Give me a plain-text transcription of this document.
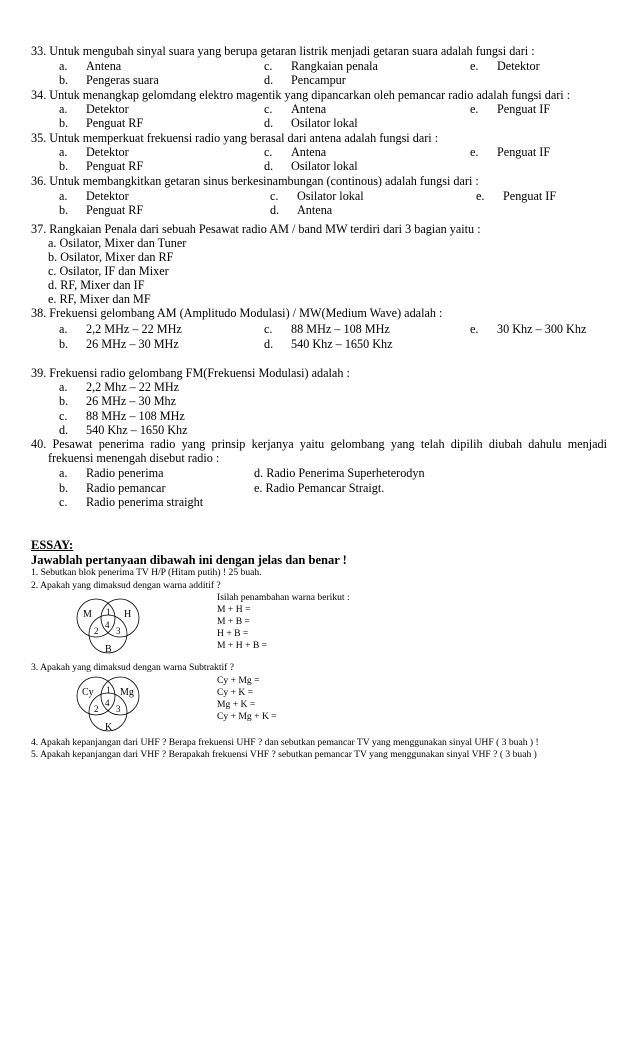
33. Untuk mengubah sinyal suara yang berupa getaran listrik menjadi getaran suara adalah fungsi dari :
a. Antena	c. Rangkaian penala	e. Detektor
b. Pengeras suara	d. Pencampur
34. Untuk menangkap gelomdang elektro magentik yang dipancarkan oleh pemancar radio adalah fungsi dari :
a. Detektor	c. Antena	e. Penguat IF
b. Penguat RF	d. Osilator lokal
35. Untuk memperkuat frekuensi radio yang berasal dari antena adalah fungsi dari :
a. Detektor	c. Antena	e. Penguat IF
b. Penguat RF	d. Osilator lokal
36. Untuk membangkitkan getaran sinus berkesinambungan (continous) adalah fungsi dari :
a. Detektor	c. Osilator lokal	e. Penguat IF
b. Penguat RF	d. Antena
37. Rangkaian Penala dari sebuah Pesawat radio AM / band MW terdiri dari 3 bagian yaitu :
a. Osilator, Mixer dan Tuner
b. Osilator, Mixer dan RF
c. Osilator, IF dan Mixer
d. RF, Mixer dan IF
e. RF, Mixer dan MF
38. Frekuensi gelombang AM (Amplitudo Modulasi) / MW(Medium Wave) adalah :
a. 2,2 MHz – 22 MHz	c. 88 MHz – 108 MHz	e. 30 Khz – 300 Khz
b. 26 MHz – 30 MHz	d. 540 Khz – 1650 Khz
39. Frekuensi radio gelombang FM(Frekuensi Modulasi) adalah :
a. 2,2 Mhz – 22 MHz
b. 26 MHz – 30 Mhz
c. 88 MHz – 108 MHz
d. 540 Khz – 1650 Khz
40. Pesawat penerima radio yang prinsip kerjanya yaitu gelombang yang telah dipilih diubah dahulu menjadi
frekuensi menengah disebut radio :
a. Radio penerima	d. Radio Penerima Superheterodyn
b. Radio pemancar	e. Radio Pemancar Straigt.
c. Radio penerima straight
ESSAY:
Jawablah pertanyaan dibawah ini dengan jelas dan benar !
1. Sebutkan blok penerima TV H/P (Hitam putih) ! 25 buah.
2. Apakah yang dimaksud dengan warna additif ?
Isilah penambahan warna berikut :
M + H =
M + B =
H + B =
M + H + B =
M	H
B
1
2 3
4
3. Apakah yang dimaksud dengan warna Subtraktif ?
Cy + Mg =
Cy + K =
Mg + K =
Cy + Mg + K =
Cy	Mg
K
1
2 3
4
4. Apakah kepanjangan dari UHF ? Berapa frekuensi UHF ? dan sebutkan pemancar TV yang menggunakan sinyal UHF ( 3 buah ) !
5. Apakah kepanjangan dari VHF ? Berapakah frekuensi VHF ? sebutkan pemancar TV yang menggunakan sinyal VHF ? ( 3 buah )
